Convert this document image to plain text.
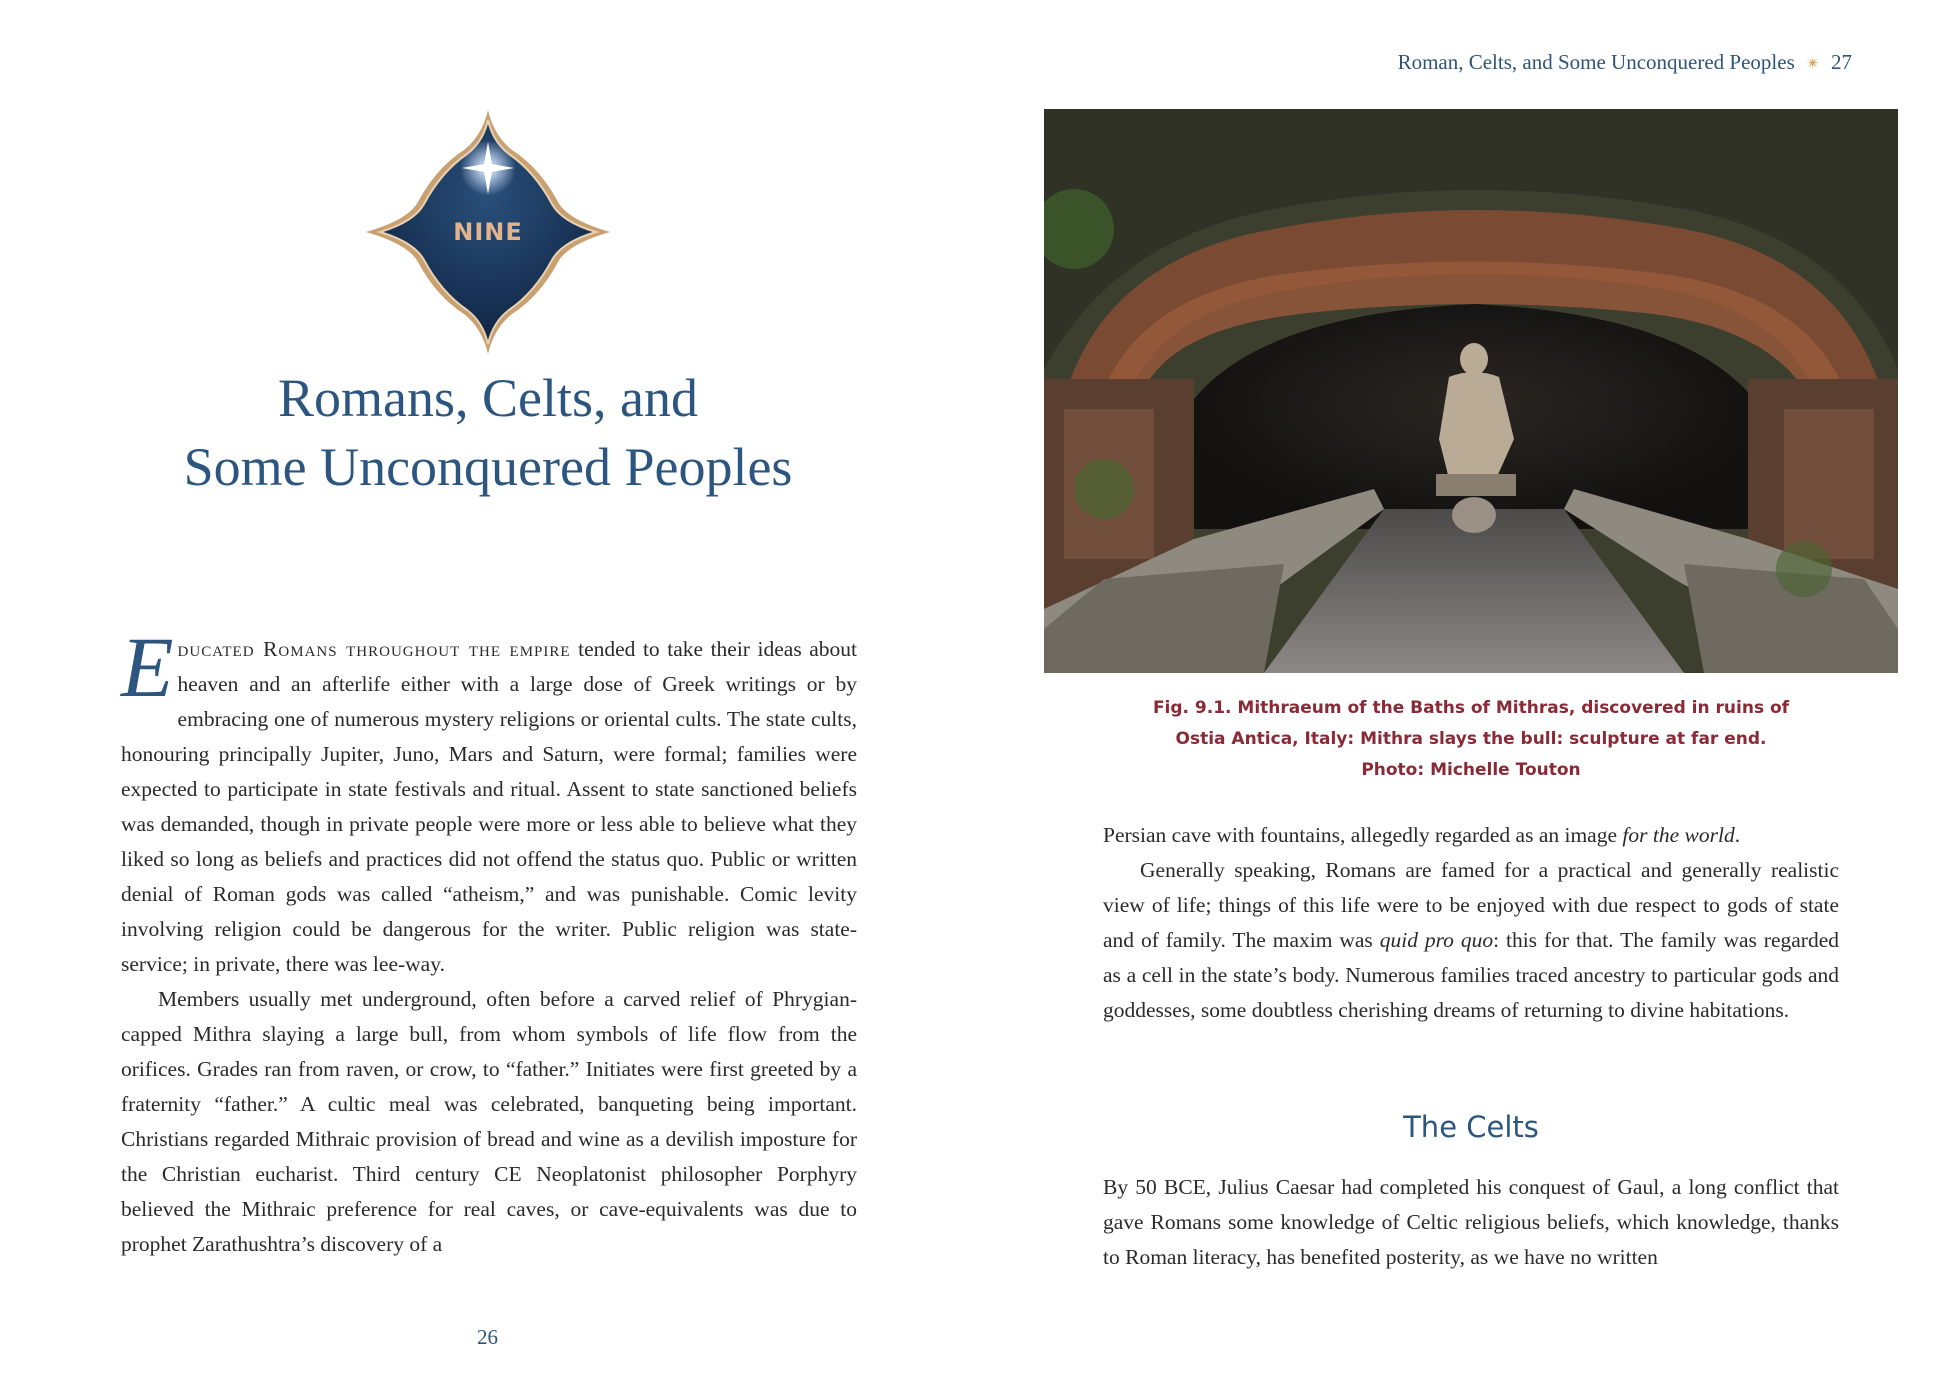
NINE
Romans, Celts, and
Some Unconquered Peoples

Educated Romans throughout the empire tended to take their ideas about heaven and an afterlife either with a large dose of Greek writings or by embracing one of numerous mystery religions or oriental cults. The state cults, honouring principally Jupiter, Juno, Mars and Saturn, were formal; families were expected to participate in state festivals and ritual. Assent to state sanctioned beliefs was demanded, though in private people were more or less able to believe what they liked so long as beliefs and practices did not offend the status quo. Public or written denial of Roman gods was called “atheism,” and was punishable. Comic levity involving religion could be dangerous for the writer. Public religion was state-service; in private, there was lee-way.

Members usually met underground, often before a carved relief of Phrygian-capped Mithra slaying a large bull, from whom symbols of life flow from the orifices. Grades ran from raven, or crow, to “father.” Initiates were first greeted by a fraternity “father.” A cultic meal was celebrated, banqueting being important. Christians regarded Mithraic provision of bread and wine as a devilish imposture for the Christian eucharist. Third century CE Neoplatonist philosopher Porphyry believed the Mithraic preference for real caves, or cave-equivalents was due to prophet Zarathushtra’s discovery of a

26
Roman, Celts, and Some Unconquered Peoples ✴ 27
Fig. 9.1. Mithraeum of the Baths of Mithras, discovered in ruins of
Ostia Antica, Italy: Mithra slays the bull: sculpture at far end.
Photo: Michelle Touton

Persian cave with fountains, allegedly regarded as an image for the world.

Generally speaking, Romans are famed for a practical and generally realistic view of life; things of this life were to be enjoyed with due respect to gods of state and of family. The maxim was quid pro quo: this for that. The family was regarded as a cell in the state’s body. Numerous families traced ancestry to particular gods and goddesses, some doubtless cherishing dreams of returning to divine habitations.

The Celts

By 50 BCE, Julius Caesar had completed his conquest of Gaul, a long conflict that gave Romans some knowledge of Celtic religious beliefs, which knowledge, thanks to Roman literacy, has benefited posterity, as we have no written
